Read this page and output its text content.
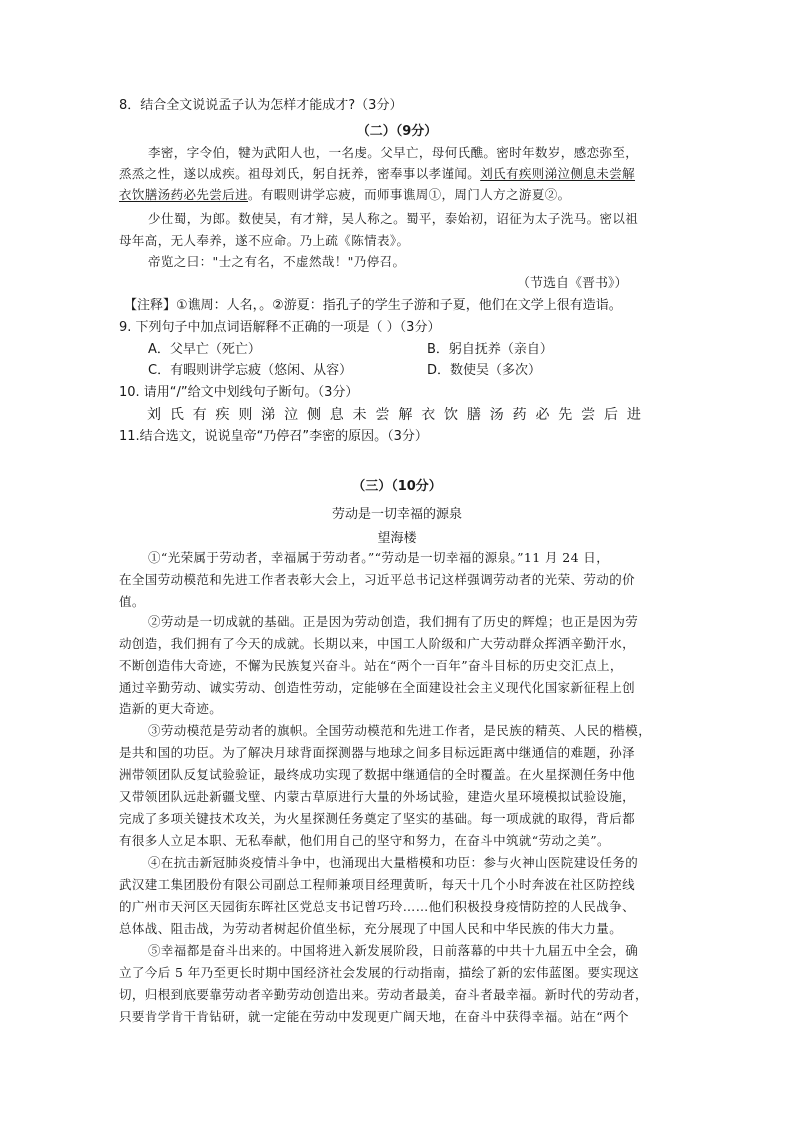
8．结合全文说说孟子认为怎样才能成才?（3分）
（二）（9分）
李密，字令伯，犍为武阳人也，一名虔。父早亡，母何氏醮。密时年数岁，感恋弥至，
烝烝之性，遂以成疾。祖母刘氏，躬自抚养，密奉事以孝谨闻。刘氏有疾则涕泣侧息未尝解
衣饮膳汤药必先尝后进。有暇则讲学忘疲，而师事谯周①，周门人方之游夏②。
少仕蜀，为郎。数使吴，有才辩，吴人称之。蜀平，泰始初，诏征为太子洗马。密以祖
母年高，无人奉养，遂不应命。乃上疏《陈情表》。
帝览之曰："士之有名，不虚然哉！"乃停召。
（节选自《晋书》）
【注释】①谯周：人名，。②游夏：指孔子的学生子游和子夏，他们在文学上很有造诣。
9. 下列句子中加点词语解释不正确的一项是（ ）（3分）
A．父早亡（死亡）	B．躬自抚养（亲自）
C．有暇则讲学忘疲（悠闲、从容）	D．数使吴（多次）
10. 请用“/”给文中划线句子断句。（3分）
刘 氏 有 疾 则 涕 泣 侧 息 未 尝 解 衣 饮 膳 汤 药 必 先 尝 后 进
11.结合选文，说说皇帝“乃停召”李密的原因。（3分）
（三）（10分）
劳动是一切幸福的源泉
望海楼
①“光荣属于劳动者，幸福属于劳动者。”“劳动是一切幸福的源泉。”11 月 24 日，
在全国劳动模范和先进工作者表彰大会上，习近平总书记这样强调劳动者的光荣、劳动的价
值。
②劳动是一切成就的基础。正是因为劳动创造，我们拥有了历史的辉煌；也正是因为劳
动创造，我们拥有了今天的成就。长期以来，中国工人阶级和广大劳动群众挥洒辛勤汗水，
不断创造伟大奇迹，不懈为民族复兴奋斗。站在“两个一百年”奋斗目标的历史交汇点上，
通过辛勤劳动、诚实劳动、创造性劳动，定能够在全面建设社会主义现代化国家新征程上创
造新的更大奇迹。
③劳动模范是劳动者的旗帜。全国劳动模范和先进工作者，是民族的精英、人民的楷模，
是共和国的功臣。为了解决月球背面探测器与地球之间多目标远距离中继通信的难题，孙泽
洲带领团队反复试验验证，最终成功实现了数据中继通信的全时覆盖。在火星探测任务中他
又带领团队远赴新疆戈壁、内蒙古草原进行大量的外场试验，建造火星环境模拟试验设施，
完成了多项关键技术攻关，为火星探测任务奠定了坚实的基础。每一项成就的取得，背后都
有很多人立足本职、无私奉献，他们用自己的坚守和努力，在奋斗中筑就“劳动之美”。
④在抗击新冠肺炎疫情斗争中，也涌现出大量楷模和功臣：参与火神山医院建设任务的
武汉建工集团股份有限公司副总工程师兼项目经理黄昕，每天十几个小时奔波在社区防控线
的广州市天河区天园街东晖社区党总支书记曾巧玲……他们积极投身疫情防控的人民战争、
总体战、阻击战，为劳动者树起价值坐标，充分展现了中国人民和中华民族的伟大力量。
⑤幸福都是奋斗出来的。中国将进入新发展阶段，日前落幕的中共十九届五中全会，确
立了今后 5 年乃至更长时期中国经济社会发展的行动指南，描绘了新的宏伟蓝图。要实现这
切，归根到底要靠劳动者辛勤劳动创造出来。劳动者最美，奋斗者最幸福。新时代的劳动者，
只要肯学肯干肯钻研，就一定能在劳动中发现更广阔天地，在奋斗中获得幸福。站在“两个
